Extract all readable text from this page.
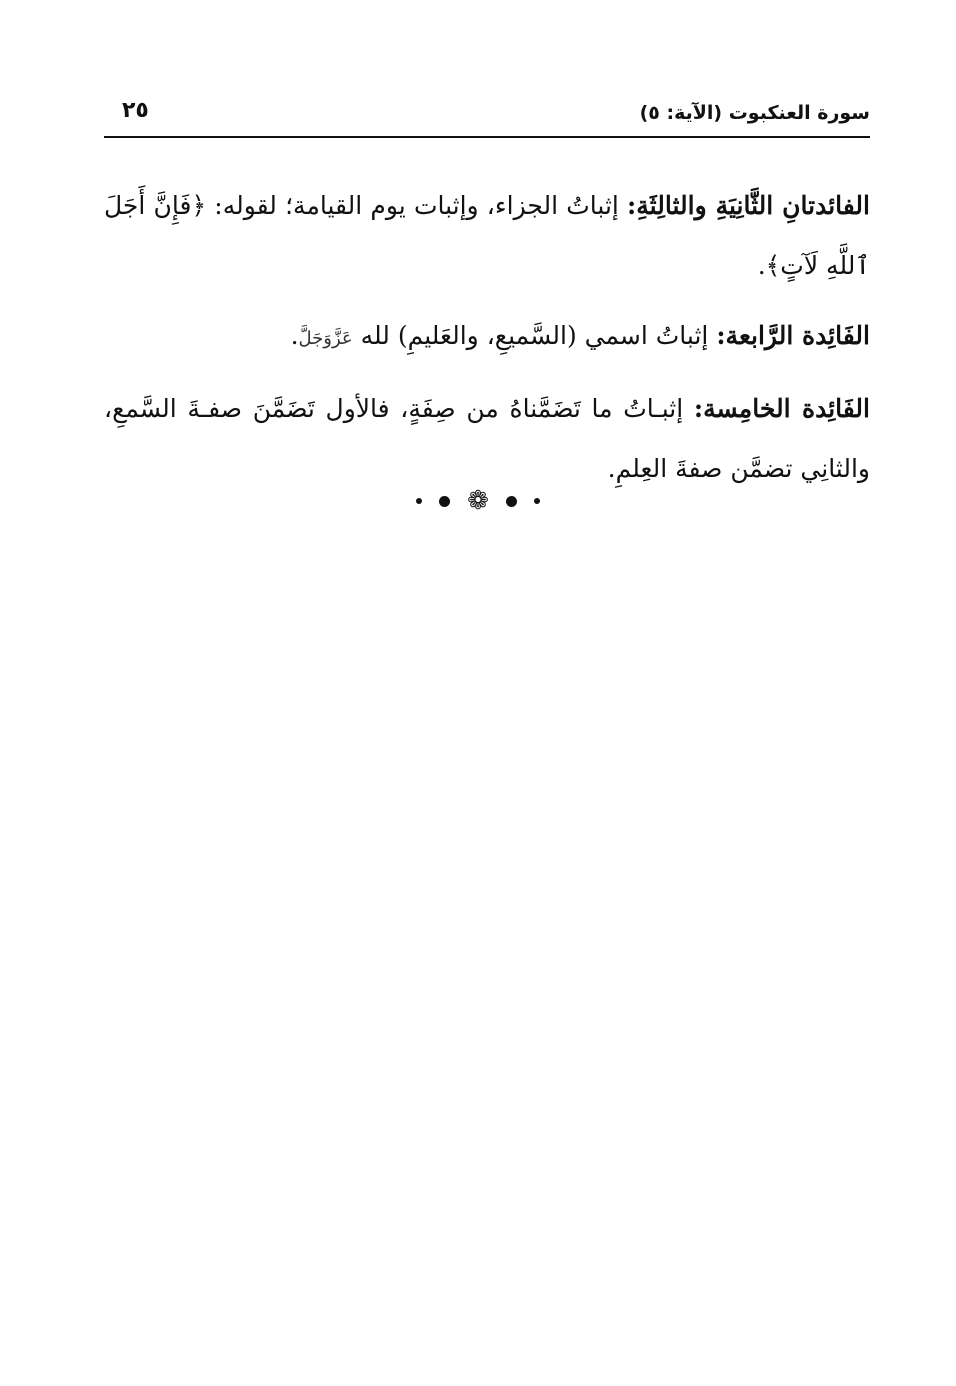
سورة العنكبوت (الآية: ٥)
٢٥

الفائدتانِ الثَّانِيَةِ والثالِثَةِ: إثباتُ الجزاء، وإثبات يوم القيامة؛ لقوله: ﴿فَإِنَّ أَجَلَ ٱللَّهِ لَآتٍ﴾.

الفَائِدة الرَّابعة: إثباتُ اسمي (السَّميعِ، والعَليمِ) لله عَزَّوَجَلَّ.

الفَائِدة الخامِسة: إثبـاتُ ما تَضَمَّناهُ من صِفَةٍ، فالأول تَضَمَّنَ صفـةَ السَّمعِ، والثانِي تضمَّن صفةَ العِلمِ.

❁
